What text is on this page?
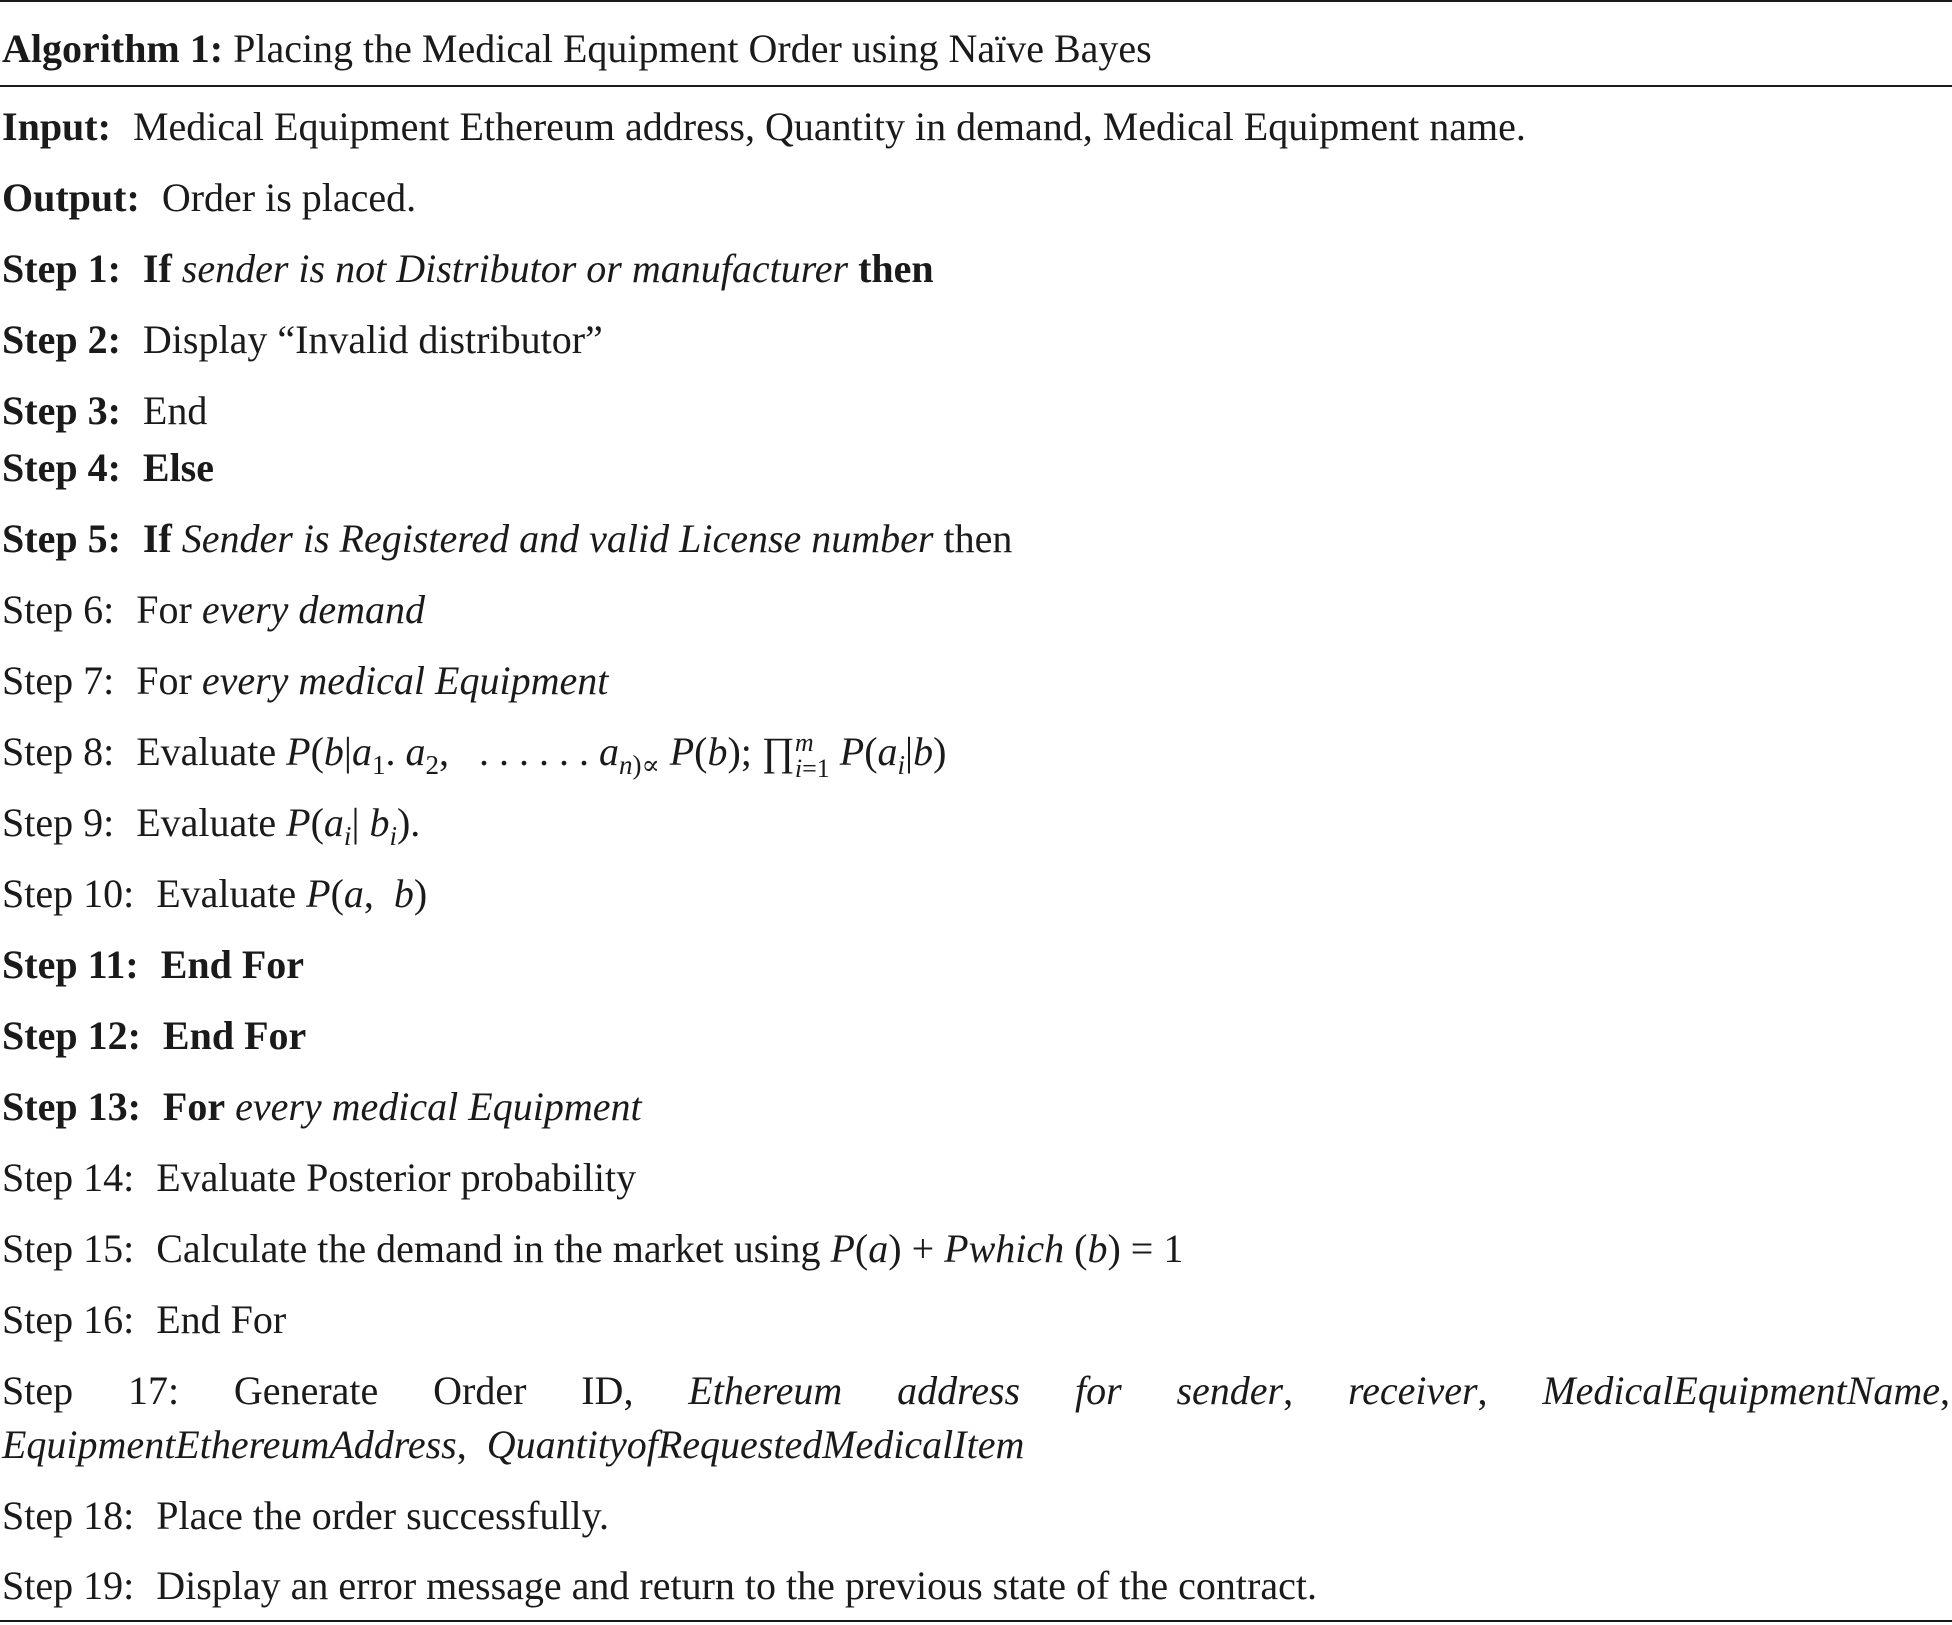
Algorithm 1: Placing the Medical Equipment Order using Naïve Bayes
Input: Medical Equipment Ethereum address, Quantity in demand, Medical Equipment name.
Output: Order is placed.
Step 1: If sender is not Distributor or manufacturer then
Step 2: Display “Invalid distributor”
Step 3: End
Step 4: Else
Step 5: If Sender is Registered and valid License number then
Step 6: For every demand
Step 7: For every medical Equipment
Step 8: Evaluate $P(b|a_1$. $a_2$, . . . . . . $a_{n)\propto}$ P(b); ∏ m
i=1 $P(a_i|b)$
Step 9: Evaluate $P(a_i|$ $b_i$).
Step 10: Evaluate P(a,  b)
Step 11: End For
Step 12: End For
Step 13: For every medical Equipment
Step 14: Evaluate Posterior probability
Step 15: Calculate the demand in the market using P(a) + Pwhich (b) = 1
Step 16: End For
Step 17: Generate Order ID, Ethereum address for sender, receiver, MedicalEquipmentName,
EquipmentEthereumAddress, QuantityofRequestedMedicalItem
Step 18: Place the order successfully.
Step 19: Display an error message and return to the previous state of the contract.
